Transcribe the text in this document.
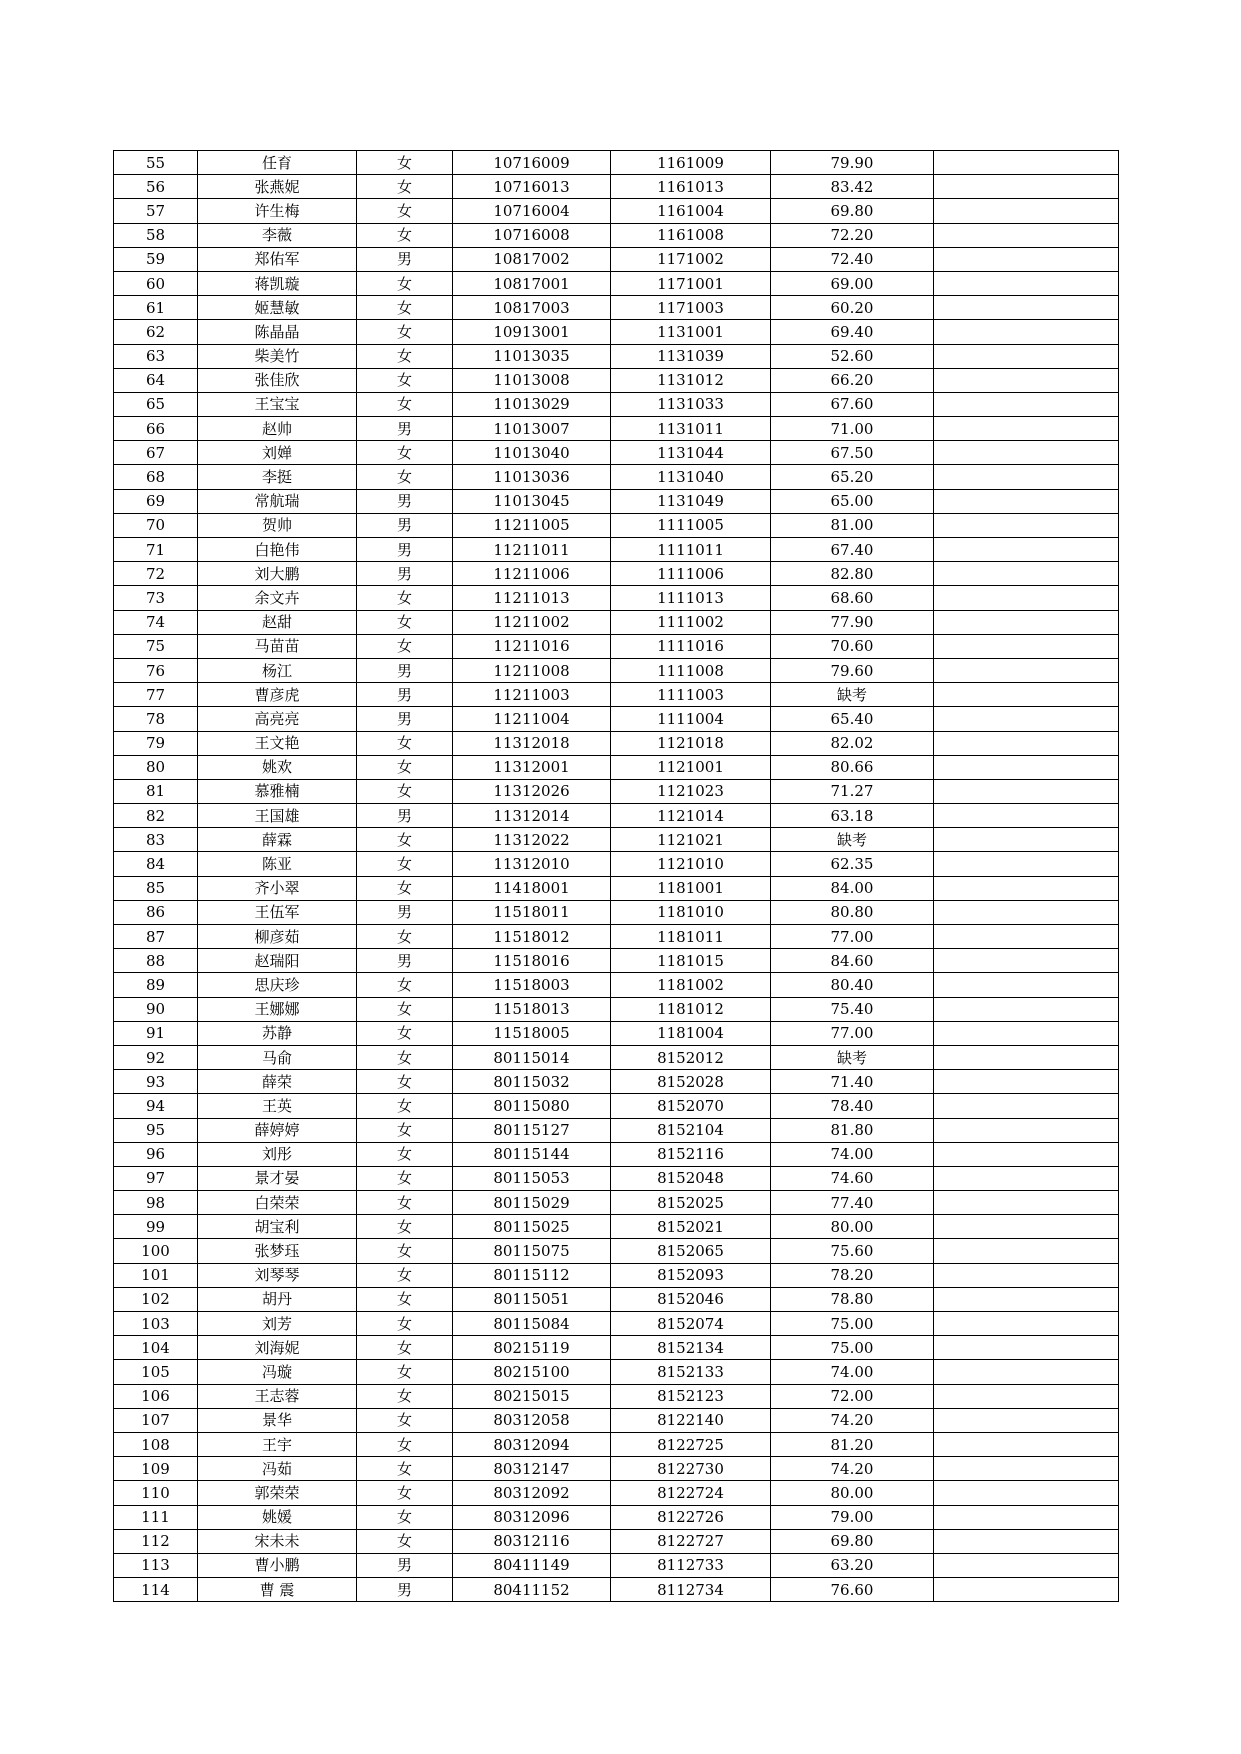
55	任育	女	10716009	1161009	79.90	
56	张燕妮	女	10716013	1161013	83.42	
57	许生梅	女	10716004	1161004	69.80	
58	李薇	女	10716008	1161008	72.20	
59	郑佑军	男	10817002	1171002	72.40	
60	蒋凯璇	女	10817001	1171001	69.00	
61	姬慧敏	女	10817003	1171003	60.20	
62	陈晶晶	女	10913001	1131001	69.40	
63	柴美竹	女	11013035	1131039	52.60	
64	张佳欣	女	11013008	1131012	66.20	
65	王宝宝	女	11013029	1131033	67.60	
66	赵帅	男	11013007	1131011	71.00	
67	刘婵	女	11013040	1131044	67.50	
68	李挺	女	11013036	1131040	65.20	
69	常航瑞	男	11013045	1131049	65.00	
70	贺帅	男	11211005	1111005	81.00	
71	白艳伟	男	11211011	1111011	67.40	
72	刘大鹏	男	11211006	1111006	82.80	
73	余文卉	女	11211013	1111013	68.60	
74	赵甜	女	11211002	1111002	77.90	
75	马苗苗	女	11211016	1111016	70.60	
76	杨江	男	11211008	1111008	79.60	
77	曹彦虎	男	11211003	1111003	缺考	
78	高亮亮	男	11211004	1111004	65.40	
79	王文艳	女	11312018	1121018	82.02	
80	姚欢	女	11312001	1121001	80.66	
81	慕雅楠	女	11312026	1121023	71.27	
82	王国雄	男	11312014	1121014	63.18	
83	薛霖	女	11312022	1121021	缺考	
84	陈亚	女	11312010	1121010	62.35	
85	齐小翠	女	11418001	1181001	84.00	
86	王伍军	男	11518011	1181010	80.80	
87	柳彦茹	女	11518012	1181011	77.00	
88	赵瑞阳	男	11518016	1181015	84.60	
89	思庆珍	女	11518003	1181002	80.40	
90	王娜娜	女	11518013	1181012	75.40	
91	苏静	女	11518005	1181004	77.00	
92	马俞	女	80115014	8152012	缺考	
93	薛荣	女	80115032	8152028	71.40	
94	王英	女	80115080	8152070	78.40	
95	薛婷婷	女	80115127	8152104	81.80	
96	刘彤	女	80115144	8152116	74.00	
97	景才晏	女	80115053	8152048	74.60	
98	白荣荣	女	80115029	8152025	77.40	
99	胡宝利	女	80115025	8152021	80.00	
100	张梦珏	女	80115075	8152065	75.60	
101	刘琴琴	女	80115112	8152093	78.20	
102	胡丹	女	80115051	8152046	78.80	
103	刘芳	女	80115084	8152074	75.00	
104	刘海妮	女	80215119	8152134	75.00	
105	冯璇	女	80215100	8152133	74.00	
106	王志蓉	女	80215015	8152123	72.00	
107	景华	女	80312058	8122140	74.20	
108	王宇	女	80312094	8122725	81.20	
109	冯茹	女	80312147	8122730	74.20	
110	郭荣荣	女	80312092	8122724	80.00	
111	姚媛	女	80312096	8122726	79.00	
112	宋未未	女	80312116	8122727	69.80	
113	曹小鹏	男	80411149	8112733	63.20	
114	曹 震	男	80411152	8112734	76.60	
